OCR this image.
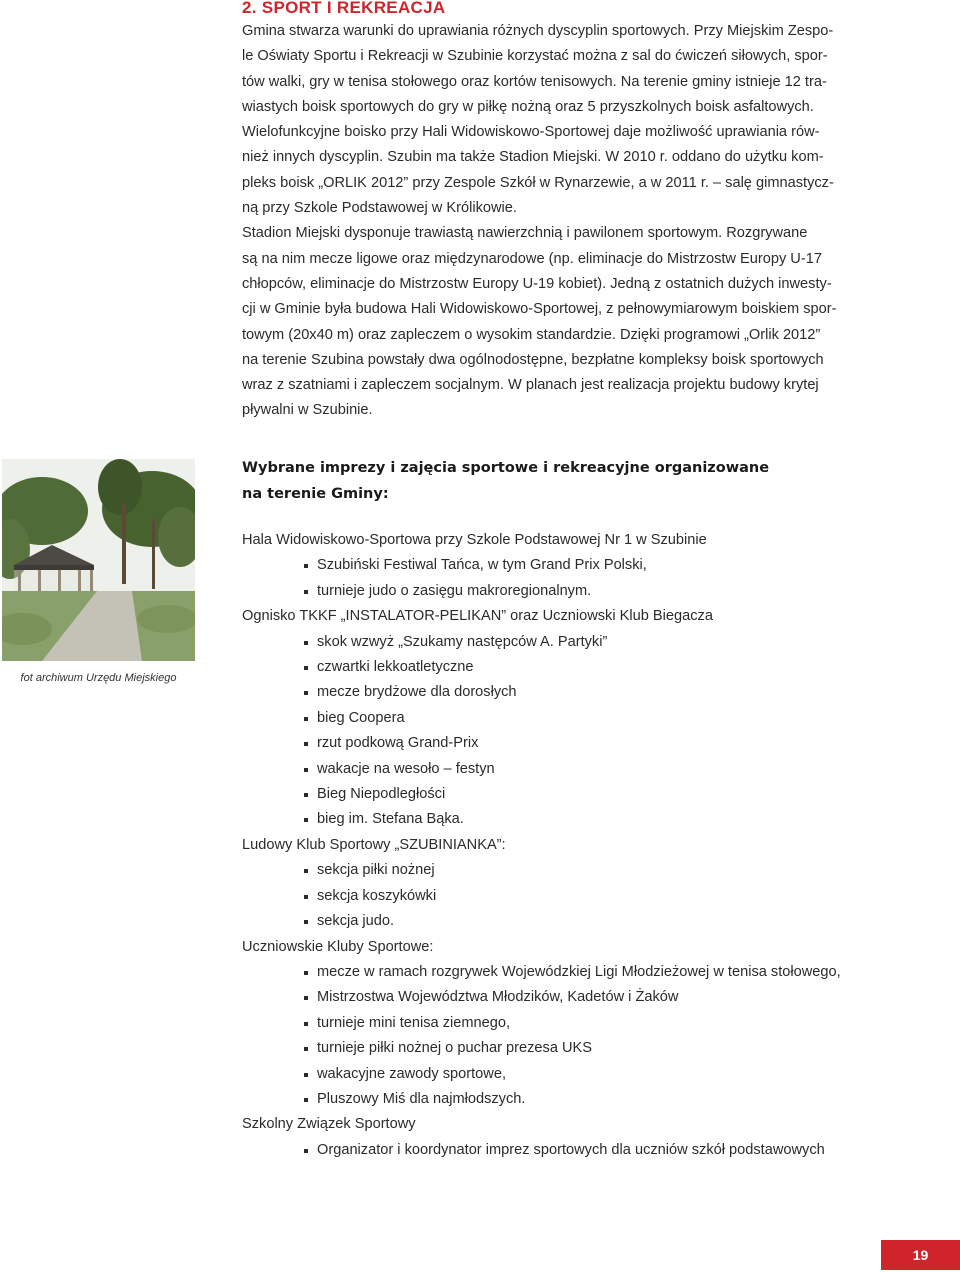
2. SPORT I REKREACJA

Gmina stwarza warunki do uprawiania różnych dyscyplin sportowych. Przy Miejskim Zespo-

le Oświaty Sportu i Rekreacji w Szubinie korzystać można z sal do ćwiczeń siłowych, spor-

tów walki, gry w tenisa stołowego oraz kortów tenisowych. Na terenie gminy istnieje 12 tra-

wiastych boisk sportowych do gry w piłkę nożną oraz 5 przyszkolnych boisk asfaltowych.

Wielofunkcyjne boisko przy Hali Widowiskowo-Sportowej daje możliwość uprawiania rów-

nież innych dyscyplin. Szubin ma także Stadion Miejski. W 2010 r. oddano do użytku kom-

pleks boisk „ORLIK 2012” przy Zespole Szkół w Rynarzewie, a w 2011 r. – salę gimnastycz-

ną przy Szkole Podstawowej w Królikowie.

Stadion Miejski dysponuje trawiastą nawierzchnią i pawilonem sportowym. Rozgrywane

są na nim mecze ligowe oraz międzynarodowe (np. eliminacje do Mistrzostw Europy U-17

chłopców, eliminacje do Mistrzostw Europy U-19 kobiet). Jedną z ostatnich dużych inwesty-

cji w Gminie była budowa Hali Widowiskowo-Sportowej, z pełnowymiarowym boiskiem spor-

towym (20x40 m) oraz zapleczem o wysokim standardzie. Dzięki programowi „Orlik 2012”

na terenie Szubina powstały dwa ogólnodostępne, bezpłatne kompleksy boisk sportowych

wraz z szatniami i zapleczem socjalnym. W planach jest realizacja projektu budowy krytej

pływalni w Szubinie.

fot archiwum Urzędu Miejskiego
Wybrane imprezy i zajęcia sportowe i rekreacyjne organizowane
na terenie Gminy:

Hala Widowiskowo-Sportowa przy Szkole Podstawowej Nr 1 w Szubinie

Szubiński Festiwal Tańca, w tym Grand Prix Polski,
turnieje judo o zasięgu makroregionalnym.

Ognisko TKKF „INSTALATOR-PELIKAN” oraz Uczniowski Klub Biegacza

skok wzwyż „Szukamy następców A. Partyki”
czwartki lekkoatletyczne
mecze brydżowe dla dorosłych
bieg Coopera
rzut podkową Grand-Prix
wakacje na wesoło – festyn
Bieg Niepodległości
bieg im. Stefana Bąka.

Ludowy Klub Sportowy „SZUBINIANKA”:

sekcja piłki nożnej
sekcja koszykówki
sekcja judo.

Uczniowskie Kluby Sportowe:

mecze w ramach rozgrywek Wojewódzkiej Ligi Młodzieżowej w tenisa stołowego,
Mistrzostwa Województwa Młodzików, Kadetów i Żaków
turnieje mini tenisa ziemnego,
turnieje piłki nożnej o puchar prezesa UKS
wakacyjne zawody sportowe,
Pluszowy Miś dla najmłodszych.

Szkolny Związek Sportowy

Organizator i koordynator imprez sportowych dla uczniów szkół podstawowych
19
